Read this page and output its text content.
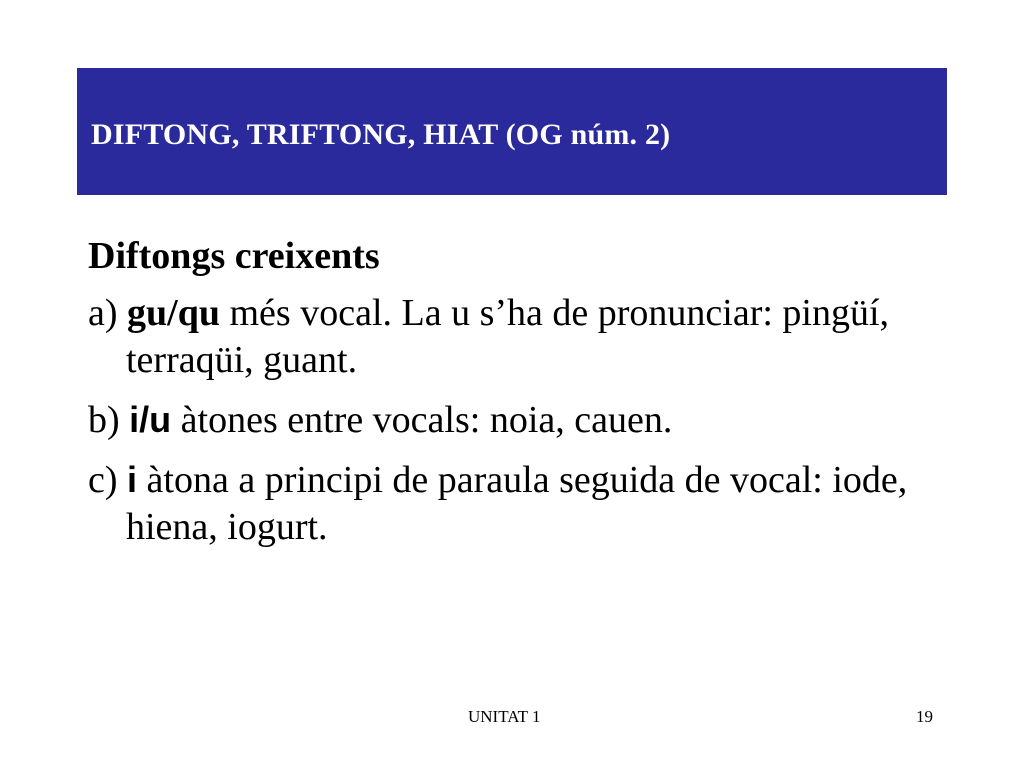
DIFTONG, TRIFTONG, HIAT (OG núm. 2)

Diftongs creixents

a) gu/qu més vocal. La u s’ha de pronunciar: pingüí, terraqüi, guant.

b) i/u àtones entre vocals: noia, cauen.

c) i àtona a principi de paraula seguida de vocal: iode, hiena, iogurt.

UNITAT 1	19
